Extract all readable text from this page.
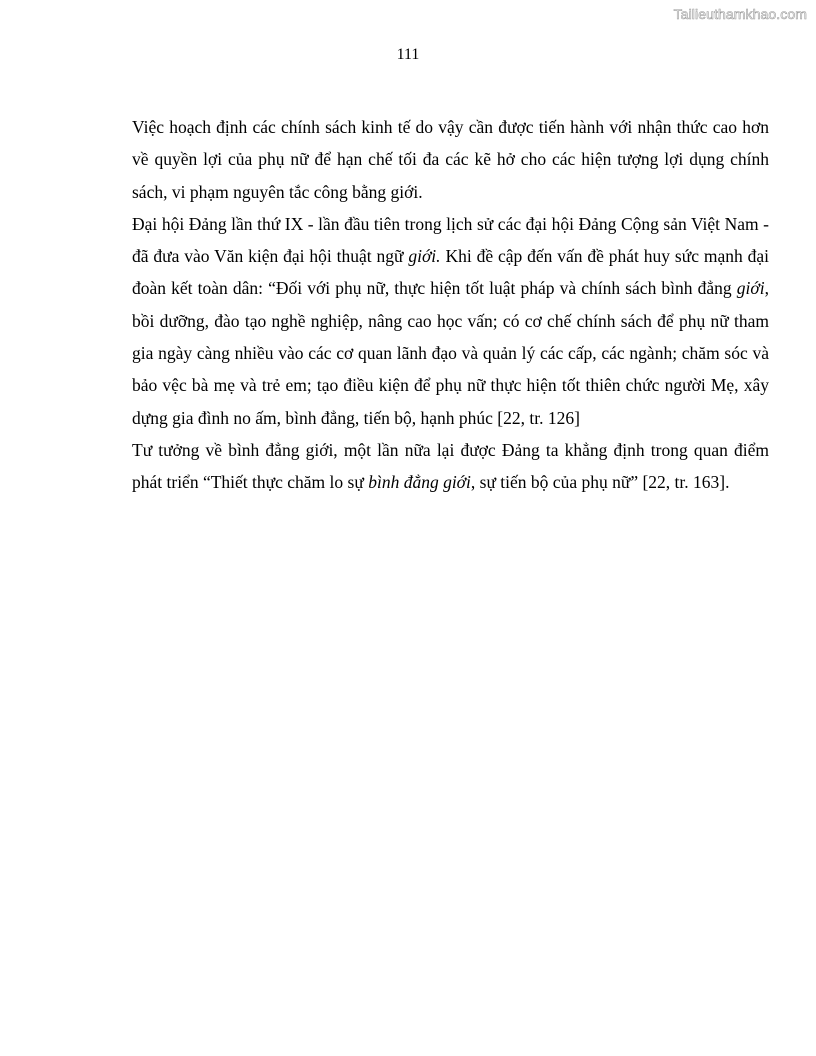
Tailieuthamkhao.com
111

Việc hoạch định các chính sách kinh tế do vậy cần được tiến hành với nhận thức cao hơn về quyền lợi của phụ nữ để hạn chế tối đa các kẽ hở cho các hiện tượng lợi dụng chính sách, vi phạm nguyên tắc công bằng giới.

Đại hội Đảng lần thứ IX - lần đầu tiên trong lịch sử các đại hội Đảng Cộng sản Việt Nam - đã đưa vào Văn kiện đại hội thuật ngữ giới. Khi đề cập đến vấn đề phát huy sức mạnh đại đoàn kết toàn dân: “Đối với phụ nữ, thực hiện tốt luật pháp và chính sách bình đẳng giới, bồi dưỡng, đào tạo nghề nghiệp, nâng cao học vấn; có cơ chế chính sách để phụ nữ tham gia ngày càng nhiều vào các cơ quan lãnh đạo và quản lý các cấp, các ngành; chăm sóc và bảo vệc bà mẹ và trẻ em; tạo điều kiện để phụ nữ thực hiện tốt thiên chức người Mẹ, xây dựng gia đình no ấm, bình đẳng, tiến bộ, hạnh phúc [22, tr. 126]

Tư tưởng về bình đẳng giới, một lần nữa lại được Đảng ta khẳng định trong quan điểm phát triển “Thiết thực chăm lo sự bình đẳng giới, sự tiến bộ của phụ nữ” [22, tr. 163].
